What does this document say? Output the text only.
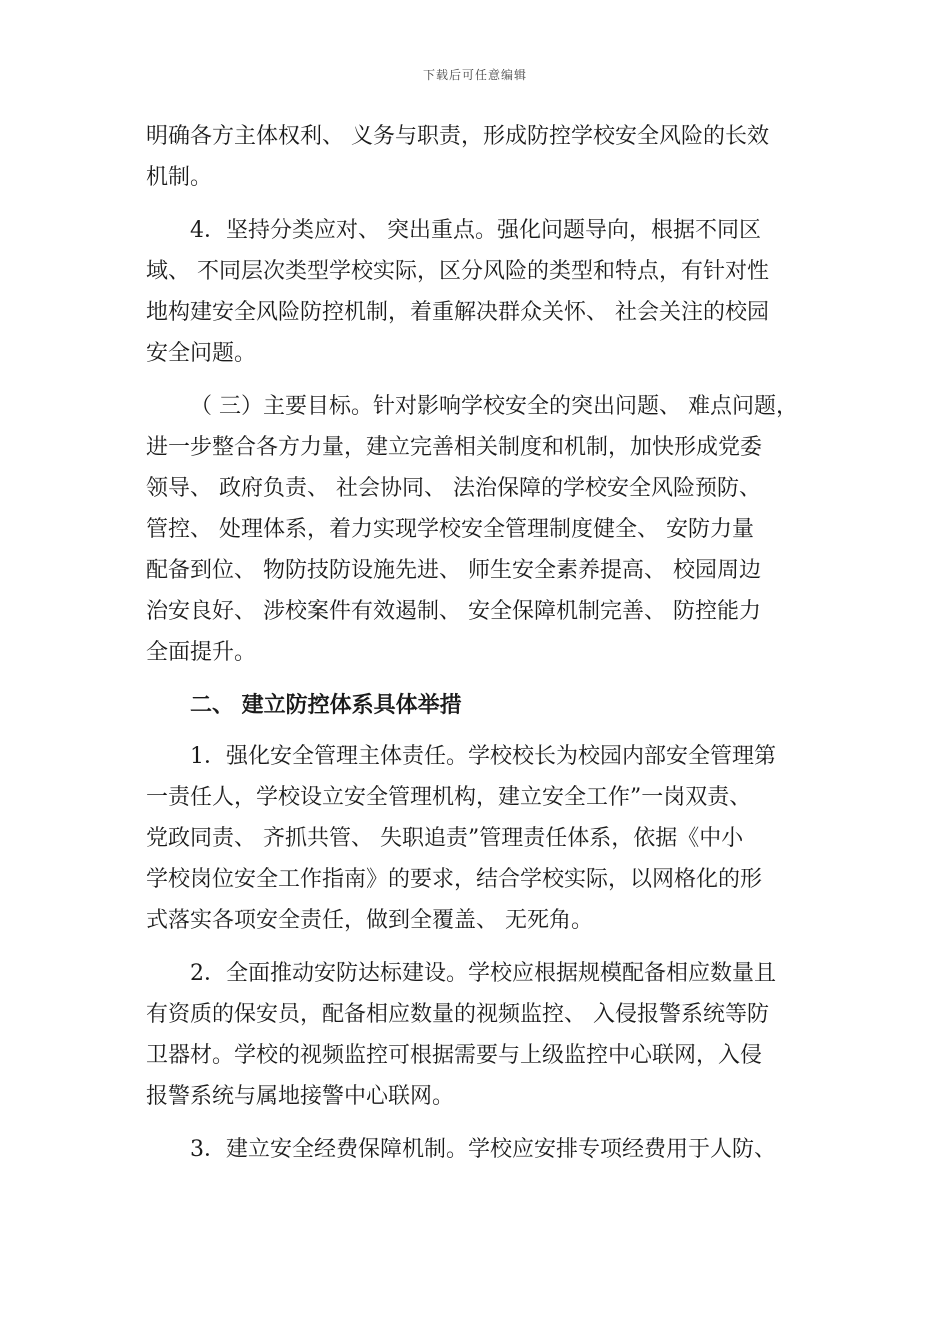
下载后可任意编辑
明确各方主体权利、 义务与职责，形成防控学校安全风险的长效
机制。
4．坚持分类应对、 突出重点。强化问题导向，根据不同区
域、 不同层次类型学校实际，区分风险的类型和特点，有针对性
地构建安全风险防控机制，着重解决群众关怀、 社会关注的校园
安全问题。
（ 三）主要目标。针对影响学校安全的突出问题、 难点问题，
进一步整合各方力量，建立完善相关制度和机制，加快形成党委
领导、 政府负责、 社会协同、 法治保障的学校安全风险预防、
管控、 处理体系，着力实现学校安全管理制度健全、 安防力量
配备到位、 物防技防设施先进、 师生安全素养提高、 校园周边
治安良好、 涉校案件有效遏制、 安全保障机制完善、 防控能力
全面提升。
二、 建立防控体系具体举措
1．强化安全管理主体责任。学校校长为校园内部安全管理第
一责任人，学校设立安全管理机构，建立安全工作”一岗双责、
党政同责、 齐抓共管、 失职追责”管理责任体系，依据《中小
学校岗位安全工作指南》的要求，结合学校实际，以网格化的形
式落实各项安全责任，做到全覆盖、 无死角。
2．全面推动安防达标建设。学校应根据规模配备相应数量且
有资质的保安员，配备相应数量的视频监控、 入侵报警系统等防
卫器材。学校的视频监控可根据需要与上级监控中心联网，入侵
报警系统与属地接警中心联网。
3．建立安全经费保障机制。学校应安排专项经费用于人防、
